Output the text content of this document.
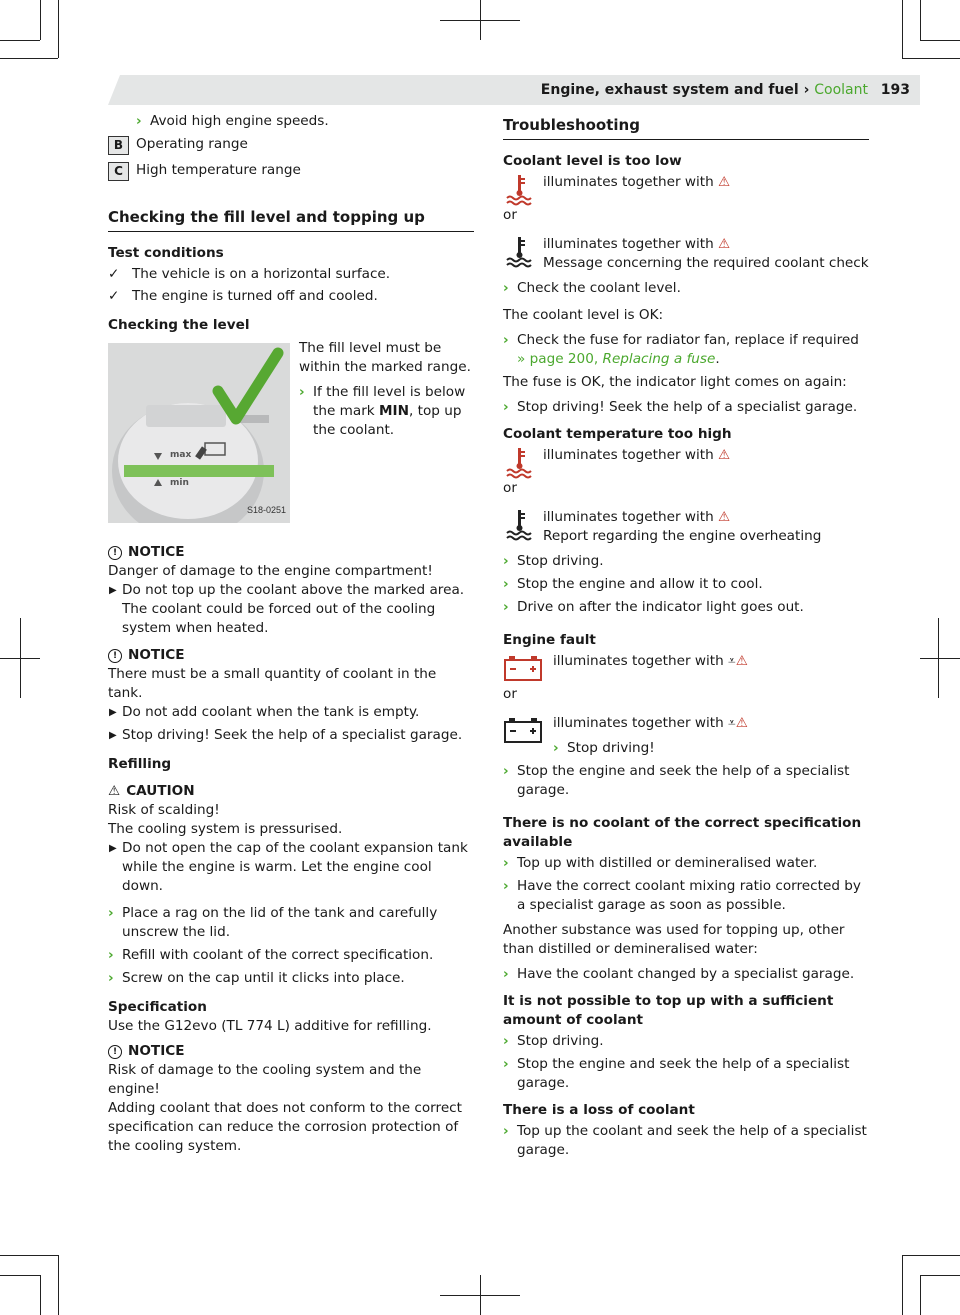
Engine, exhaust system and fuel › Coolant 193
› Avoid high engine speeds.
B Operating range
C High temperature range
Checking the fill level and topping up
Test conditions
✓ The vehicle is on a horizontal surface.
✓ The engine is turned off and cooled.
Checking the level
max
min
S18-0251

The fill level must be within the marked range.

› If the fill level is below the mark MIN, top up the coolant.
! NOTICE
Danger of damage to the engine compartment!
▶ Do not top up the coolant above the marked area. The coolant could be forced out of the cooling system when heated.
! NOTICE
There must be a small quantity of coolant in the tank.
▶ Do not add coolant when the tank is empty.
▶ Stop driving! Seek the help of a specialist garage.
Refilling
⚠ CAUTION
Risk of scalding!
The cooling system is pressurised.
▶ Do not open the cap of the coolant expansion tank while the engine is warm. Let the engine cool down.
› Place a rag on the lid of the tank and carefully unscrew the lid.
› Refill with coolant of the correct specification.
› Screw on the cap until it clicks into place.
Specification

Use the G12evo (TL 774 L) additive for refilling.

! NOTICE
Risk of damage to the cooling system and the engine!
Adding coolant that does not conform to the correct specification can reduce the corrosion protection of the cooling system.
Troubleshooting
Coolant level is too low
illuminates together with ⚠
or
illuminates together with ⚠
Message concerning the required coolant check
› Check the coolant level.

The coolant level is OK:

› Check the fuse for radiator fan, replace if required » page 200, Replacing a fuse.

The fuse is OK, the indicator light comes on again:

› Stop driving! Seek the help of a specialist garage.
Coolant temperature too high
illuminates together with ⚠
or
illuminates together with ⚠
Report regarding the engine overheating
› Stop driving.
› Stop the engine and allow it to cool.
› Drive on after the indicator light goes out.
Engine fault
illuminates together with ⩡⚠
or
illuminates together with ⩡⚠
› Stop driving!
› Stop the engine and seek the help of a specialist garage.
There is no coolant of the correct specification available
› Top up with distilled or demineralised water.
› Have the correct coolant mixing ratio corrected by a specialist garage as soon as possible.

Another substance was used for topping up, other than distilled or demineralised water:

› Have the coolant changed by a specialist garage.
It is not possible to top up with a sufficient amount of coolant
› Stop driving.
› Stop the engine and seek the help of a specialist garage.
There is a loss of coolant
› Top up the coolant and seek the help of a specialist garage.
